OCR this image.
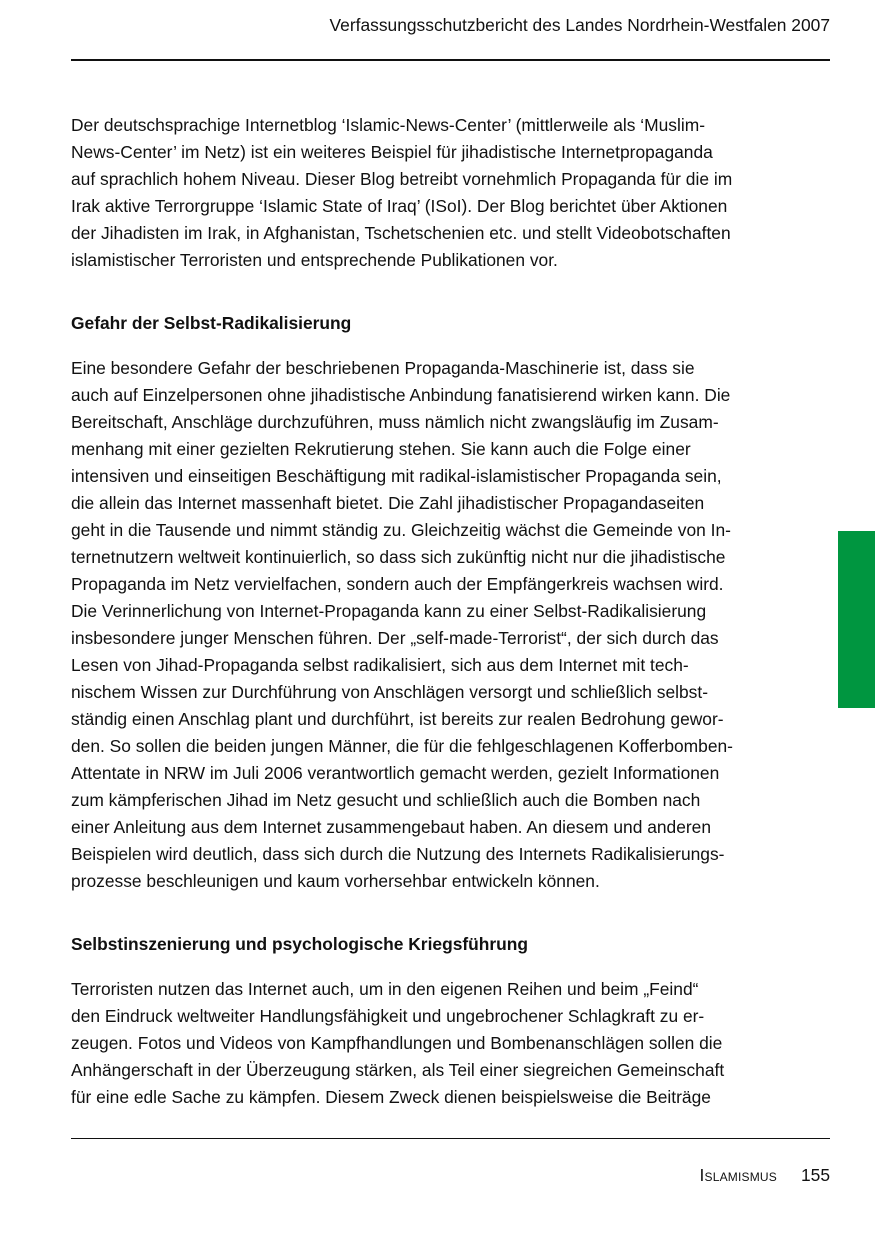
Verfassungsschutzbericht des Landes Nordrhein-Westfalen 2007

Der deutschsprachige Internetblog ‘Islamic-News-Center’ (mittlerweile als ‘Muslim-
News-Center’ im Netz) ist ein weiteres Beispiel für jihadistische Internetpropaganda
auf sprachlich hohem Niveau. Dieser Blog betreibt vornehmlich Propaganda für die im
Irak aktive Terrorgruppe ‘Islamic State of Iraq’ (ISoI). Der Blog berichtet über Aktionen
der Jihadisten im Irak, in Afghanistan, Tschetschenien etc. und stellt Videobotschaften
islamistischer Terroristen und entsprechende Publikationen vor.

Gefahr der Selbst-Radikalisierung

Eine besondere Gefahr der beschriebenen Propaganda-Maschinerie ist, dass sie
auch auf Einzelpersonen ohne jihadistische Anbindung fanatisierend wirken kann. Die
Bereitschaft, Anschläge durchzuführen, muss nämlich nicht zwangsläufig im Zusam-
menhang mit einer gezielten Rekrutierung stehen. Sie kann auch die Folge einer
intensiven und einseitigen Beschäftigung mit radikal-islamistischer Propaganda sein,
die allein das Internet massenhaft bietet. Die Zahl jihadistischer Propagandaseiten
geht in die Tausende und nimmt ständig zu. Gleichzeitig wächst die Gemeinde von In-
ternetnutzern weltweit kontinuierlich, so dass sich zukünftig nicht nur die jihadistische
Propaganda im Netz vervielfachen, sondern auch der Empfängerkreis wachsen wird.
Die Verinnerlichung von Internet-Propaganda kann zu einer Selbst-Radikalisierung
insbesondere junger Menschen führen. Der „self-made-Terrorist“, der sich durch das
Lesen von Jihad-Propaganda selbst radikalisiert, sich aus dem Internet mit tech-
nischem Wissen zur Durchführung von Anschlägen versorgt und schließlich selbst-
ständig einen Anschlag plant und durchführt, ist bereits zur realen Bedrohung gewor-
den. So sollen die beiden jungen Männer, die für die fehlgeschlagenen Kofferbomben-
Attentate in NRW im Juli 2006 verantwortlich gemacht werden, gezielt Informationen
zum kämpferischen Jihad im Netz gesucht und schließlich auch die Bomben nach
einer Anleitung aus dem Internet zusammengebaut haben. An diesem und anderen
Beispielen wird deutlich, dass sich durch die Nutzung des Internets Radikalisierungs-
prozesse beschleunigen und kaum vorhersehbar entwickeln können.

Selbstinszenierung und psychologische Kriegsführung

Terroristen nutzen das Internet auch, um in den eigenen Reihen und beim „Feind“
den Eindruck weltweiter Handlungsfähigkeit und ungebrochener Schlagkraft zu er-
zeugen. Fotos und Videos von Kampfhandlungen und Bombenanschlägen sollen die
Anhängerschaft in der Überzeugung stärken, als Teil einer siegreichen Gemeinschaft
für eine edle Sache zu kämpfen. Diesem Zweck dienen beispielsweise die Beiträge

Islamismus 155
